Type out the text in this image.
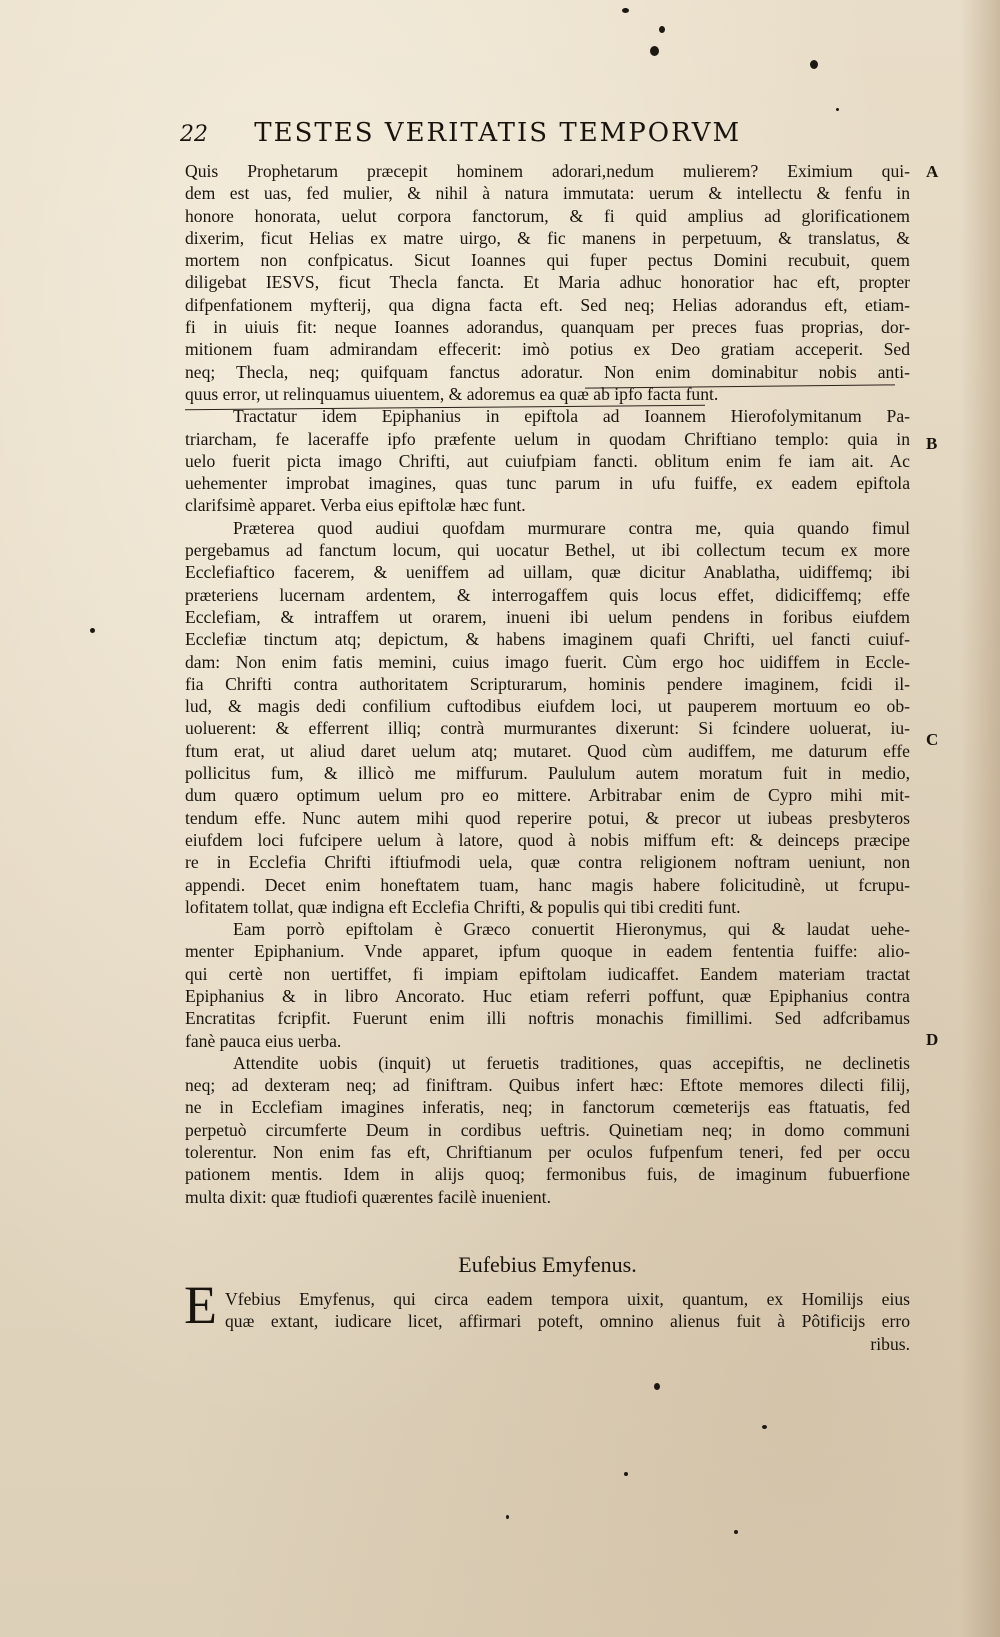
22 TESTES VERITATIS TEMPORVM
A
B
C
D
Quis Prophetarum præcepit hominem adorari,nedum mulierem? Eximium qui-
dem est uas, fed mulier, & nihil à natura immutata: uerum & intellectu & fenfu in
honore honorata, uelut corpora fanctorum, & fi quid amplius ad glorificationem
dixerim, ficut Helias ex matre uirgo, & fic manens in perpetuum, & translatus, &
mortem non confpicatus. Sicut Ioannes qui fuper pectus Domini recubuit, quem
diligebat IESVS, ficut Thecla fancta. Et Maria adhuc honoratior hac eft, propter
difpenfationem myfterij, qua digna facta eft. Sed neq; Helias adorandus eft, etiam-
fi in uiuis fit: neque Ioannes adorandus, quanquam per preces fuas proprias, dor-
mitionem fuam admirandam effecerit: imò potius ex Deo gratiam acceperit. Sed
neq; Thecla, neq; quifquam fanctus adoratur. Non enim dominabitur nobis anti-
quus error, ut relinquamus uiuentem, & adoremus ea quæ ab ipfo facta funt.
Tractatur idem Epiphanius in epiftola ad Ioannem Hierofolymitanum Pa-
triarcham, fe laceraffe ipfo præfente uelum in quodam Chriftiano templo: quia in
uelo fuerit picta imago Chrifti, aut cuiufpiam fancti. oblitum enim fe iam ait. Ac
uehementer improbat imagines, quas tunc parum in ufu fuiffe, ex eadem epiftola
clarifsimè apparet. Verba eius epiftolæ hæc funt.
Præterea quod audiui quofdam murmurare contra me, quia quando fimul
pergebamus ad fanctum locum, qui uocatur Bethel, ut ibi collectum tecum ex more
Ecclefiaftico facerem, & ueniffem ad uillam, quæ dicitur Anablatha, uidiffemq; ibi
præteriens lucernam ardentem, & interrogaffem quis locus effet, didiciffemq; effe
Ecclefiam, & intraffem ut orarem, inueni ibi uelum pendens in foribus eiufdem
Ecclefiæ tinctum atq; depictum, & habens imaginem quafi Chrifti, uel fancti cuiuf-
dam: Non enim fatis memini, cuius imago fuerit. Cùm ergo hoc uidiffem in Eccle-
fia Chrifti contra authoritatem Scripturarum, hominis pendere imaginem, fcidi il-
lud, & magis dedi confilium cuftodibus eiufdem loci, ut pauperem mortuum eo ob-
uoluerent: & efferrent illiq; contrà murmurantes dixerunt: Si fcindere uoluerat, iu-
ftum erat, ut aliud daret uelum atq; mutaret. Quod cùm audiffem, me daturum effe
pollicitus fum, & illicò me miffurum. Paululum autem moratum fuit in medio,
dum quæro optimum uelum pro eo mittere. Arbitrabar enim de Cypro mihi mit-
tendum effe. Nunc autem mihi quod reperire potui, & precor ut iubeas presbyteros
eiufdem loci fufcipere uelum à latore, quod à nobis miffum eft: & deinceps præcipe
re in Ecclefia Chrifti iftiufmodi uela, quæ contra religionem noftram ueniunt, non
appendi. Decet enim honeftatem tuam, hanc magis habere folicitudinè, ut fcrupu-
lofitatem tollat, quæ indigna eft Ecclefia Chrifti, & populis qui tibi crediti funt.
Eam porrò epiftolam è Græco conuertit Hieronymus, qui & laudat uehe-
menter Epiphanium. Vnde apparet, ipfum quoque in eadem fententia fuiffe: alio-
qui certè non uertiffet, fi impiam epiftolam iudicaffet. Eandem materiam tractat
Epiphanius & in libro Ancorato. Huc etiam referri poffunt, quæ Epiphanius contra
Encratitas fcripfit. Fuerunt enim illi noftris monachis fimillimi. Sed adfcribamus
fanè pauca eius uerba.
Attendite uobis (inquit) ut feruetis traditiones, quas accepiftis, ne declinetis
neq; ad dexteram neq; ad finiftram. Quibus infert hæc: Eftote memores dilecti filij,
ne in Ecclefiam imagines inferatis, neq; in fanctorum cœmeterijs eas ftatuatis, fed
perpetuò circumferte Deum in cordibus ueftris. Quinetiam neq; in domo communi
tolerentur. Non enim fas eft, Chriftianum per oculos fufpenfum teneri, fed per occu
pationem mentis. Idem in alijs quoq; fermonibus fuis, de imaginum fubuerfione
multa dixit: quæ ftudiofi quærentes facilè inuenient.
Eufebius Emyfenus.
E Vfebius Emyfenus, qui circa eadem tempora uixit, quantum, ex Homilijs eius
quæ extant, iudicare licet, affirmari poteft, omnino alienus fuit à Pôtificijs erro
ribus.
